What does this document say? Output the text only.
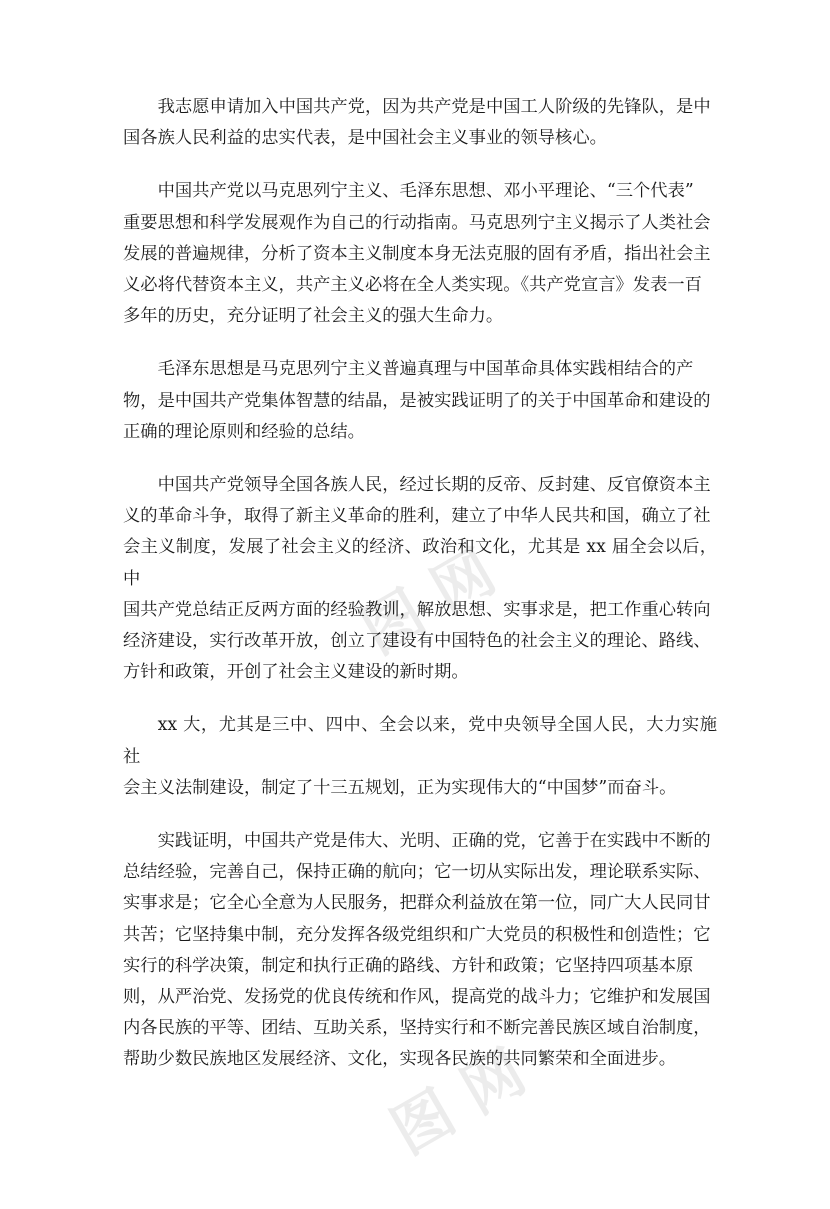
图 网
图 网

我志愿申请加入中国共产党，因为共产党是中国工人阶级的先锋队，是中
国各族人民利益的忠实代表，是中国社会主义事业的领导核心。

中国共产党以马克思列宁主义、毛泽东思想、邓小平理论、“三个代表”
重要思想和科学发展观作为自己的行动指南。马克思列宁主义揭示了人类社会
发展的普遍规律，分析了资本主义制度本身无法克服的固有矛盾，指出社会主
义必将代替资本主义，共产主义必将在全人类实现。《共产党宣言》发表一百
多年的历史，充分证明了社会主义的强大生命力。

毛泽东思想是马克思列宁主义普遍真理与中国革命具体实践相结合的产
物，是中国共产党集体智慧的结晶，是被实践证明了的关于中国革命和建设的
正确的理论原则和经验的总结。

中国共产党领导全国各族人民，经过长期的反帝、反封建、反官僚资本主
义的革命斗争，取得了新主义革命的胜利，建立了中华人民共和国，确立了社
会主义制度，发展了社会主义的经济、政治和文化，尤其是 xx 届全会以后，中
国共产党总结正反两方面的经验教训，解放思想、实事求是，把工作重心转向
经济建设，实行改革开放，创立了建设有中国特色的社会主义的理论、路线、
方针和政策，开创了社会主义建设的新时期。

xx 大，尤其是三中、四中、全会以来，党中央领导全国人民，大力实施社
会主义法制建设，制定了十三五规划，正为实现伟大的“中国梦”而奋斗。

实践证明，中国共产党是伟大、光明、正确的党，它善于在实践中不断的
总结经验，完善自己，保持正确的航向；它一切从实际出发，理论联系实际、
实事求是；它全心全意为人民服务，把群众利益放在第一位，同广大人民同甘
共苦；它坚持集中制，充分发挥各级党组织和广大党员的积极性和创造性；它
实行的科学决策，制定和执行正确的路线、方针和政策；它坚持四项基本原
则，从严治党、发扬党的优良传统和作风，提高党的战斗力；它维护和发展国
内各民族的平等、团结、互助关系，坚持实行和不断完善民族区域自治制度，
帮助少数民族地区发展经济、文化，实现各民族的共同繁荣和全面进步。
